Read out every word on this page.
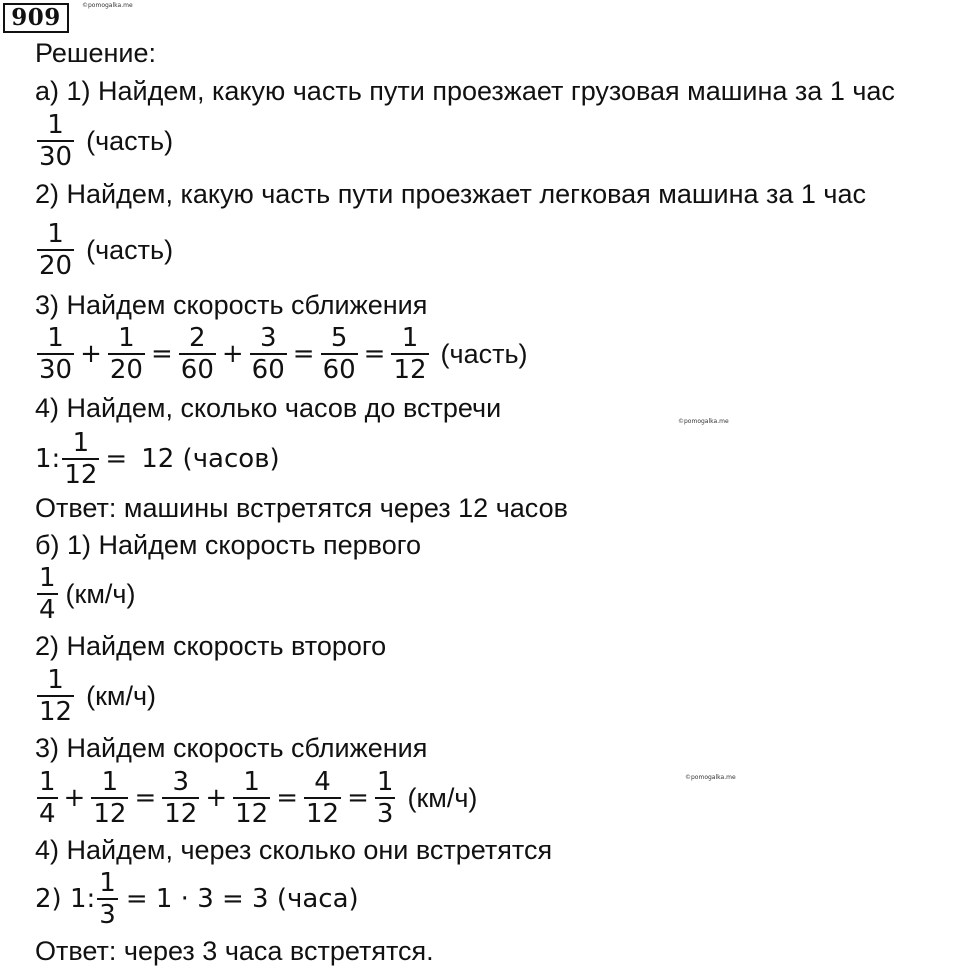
909	©pomogalka.me
©pomogalka.me
©pomogalka.me
Решение:
а) 1) Найдем, какую часть пути проезжает грузовая машина за 1 час
$\frac{1}{30}$ (часть)
2) Найдем, какую часть пути проезжает легковая машина за 1 час
$\frac{1}{20}$ (часть)
3) Найдем скорость сближения
$\frac{1}{30} + \frac{1}{20} = \frac{2}{60} + \frac{3}{60} = \frac{5}{60} = \frac{1}{12}$ (часть)
4) Найдем, сколько часов до встречи
1: $\frac{1}{12} = 12$ (часов)
Ответ: машины встретятся через 12 часов
б) 1) Найдем скорость первого
$\frac{1}{4} (км/ч)$
2) Найдем скорость второго
$\frac{1}{12} (км/ч)$
3) Найдем скорость сближения
$\frac{1}{4} + \frac{1}{12} = \frac{3}{12} + \frac{1}{12} = \frac{4}{12} = \frac{1}{3} (км/ч)$
4) Найдем, через сколько они встретятся
2) 1: $\frac{1}{3} = 1 \cdot 3 = 3$ (часа)
Ответ: через 3 часа встретятся.
